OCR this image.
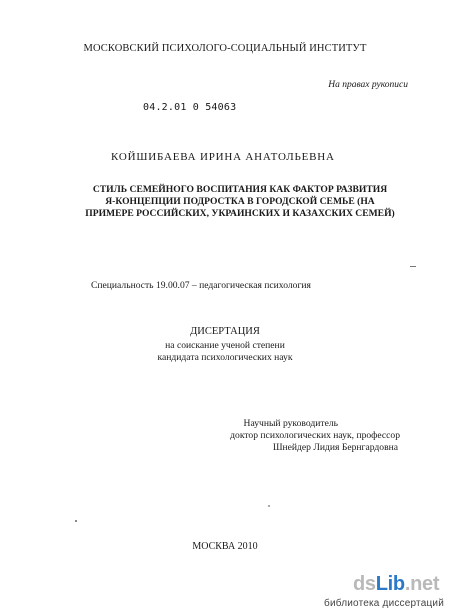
МОСКОВСКИЙ ПСИХОЛОГО-СОЦИАЛЬНЫЙ ИНСТИТУТ
На правах рукописи
04.2.01 0 54063
КОЙШИБАЕВА ИРИНА АНАТОЛЬЕВНА
СТИЛЬ СЕМЕЙНОГО ВОСПИТАНИЯ КАК ФАКТОР РАЗВИТИЯ
Я-КОНЦЕПЦИИ ПОДРОСТКА В ГОРОДСКОЙ СЕМЬЕ (НА
ПРИМЕРЕ РОССИЙСКИХ, УКРАИНСКИХ И КАЗАХСКИХ СЕМЕЙ)
Специальность 19.00.07 – педагогическая психология
ДИСЕРТАЦИЯ
на соискание ученой степени
кандидата психологических наук
Научный руководитель
доктор психологических наук, профессор
Шнейдер Лидия Бернгардовна
МОСКВА 2010
dsLib.net
библиотека диссертаций
